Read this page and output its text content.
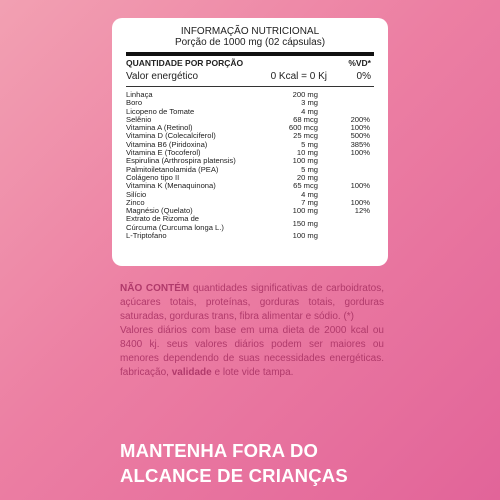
INFORMAÇÃO NUTRICIONAL
Porção de 1000 mg (02 cápsulas)
QUANTIDADE POR PORÇÃO	%VD*
Valor energético	0 Kcal = 0 Kj	0%
Linhaça	200 mg
Boro	3 mg
Licopeno de Tomate	4 mg
Selênio	68 mcg	200%
Vitamina A (Retinol)	600 mcg	100%
Vitamina D (Colecalciferol)	25 mcg	500%
Vitamina B6 (Piridoxina)	5 mg	385%
Vitamina E (Tocoferol)	10 mg	100%
Espirulina (Arthrospira platensis)	100 mg
Palmitoiletanolamida (PEA)	5 mg
Colágeno tipo II	20 mg
Vitamina K (Menaquinona)	65 mcg	100%
Silício	4 mg
Zinco	7 mg	100%
Magnésio (Quelato)	100 mg	12%
Extrato de Rizoma de
Cúrcuma (Curcuma longa L.)	150 mg
L-Triptofano	100 mg
NÃO CONTÉM quantidades significativas de carboidratos, açúcares totais, proteínas, gorduras totais, gorduras saturadas, gorduras trans, fibra alimentar e sódio. (*)
Valores diários com base em uma dieta de 2000 kcal ou 8400 kj. seus valores diários podem ser maiores ou menores dependendo de suas necessidades energéticas. fabricação, validade e lote vide tampa.
MANTENHA FORA DO
ALCANCE DE CRIANÇAS
